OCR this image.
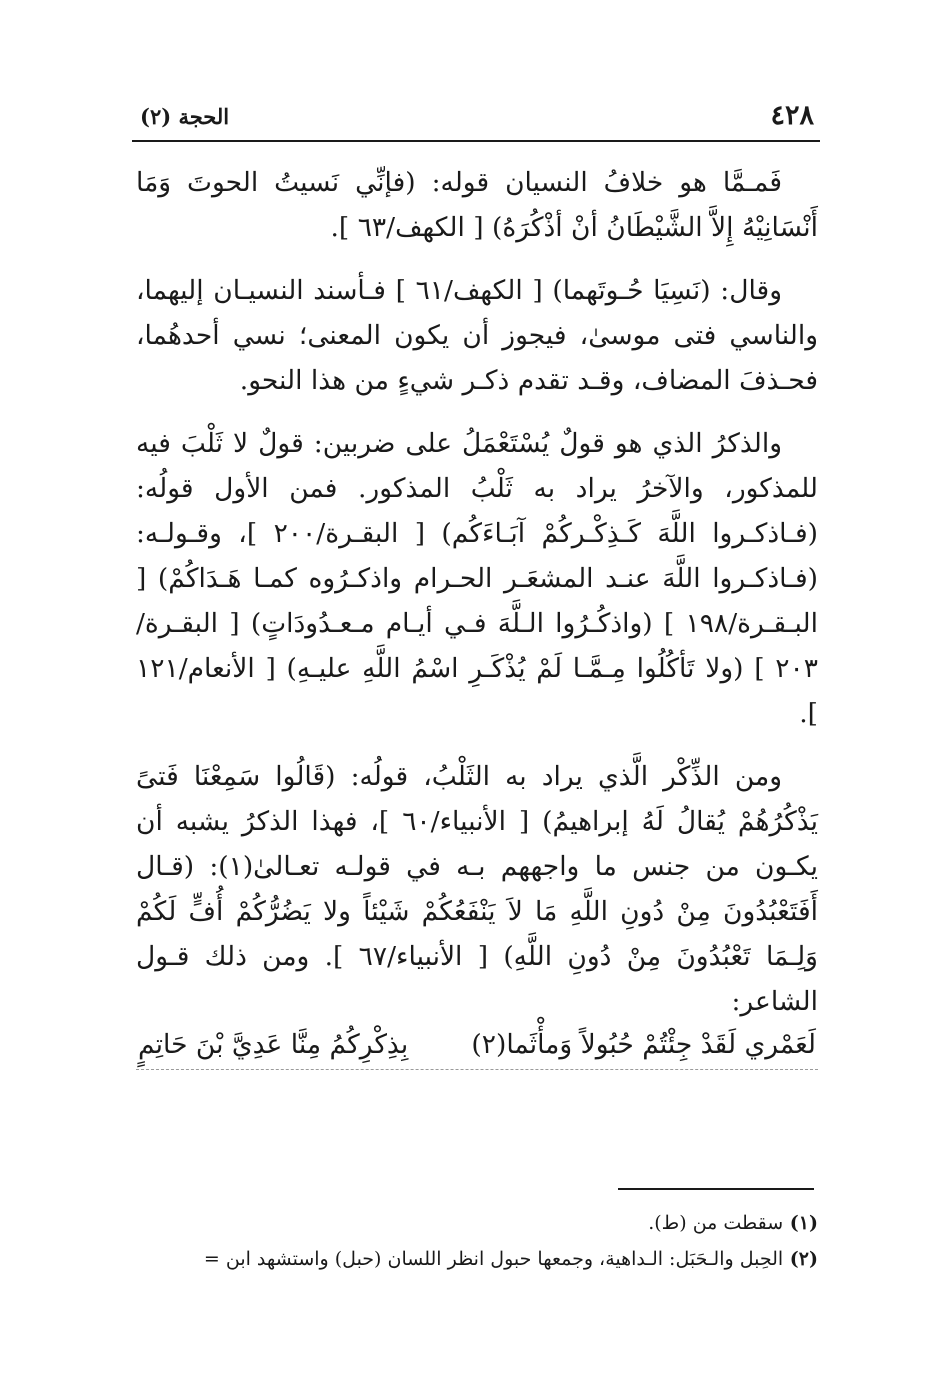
٤٢٨
الحجة (٢)

فَمـمَّا هو خلافُ النسيان قوله: (فإنِّي نَسيتُ الحوتَ وَمَا أَنْسَانِيْهُ إِلاَّ الشَّيْطَانُ أنْ أذْكُرَهُ) [ الكهف/٦٣ ].

وقال: (نَسِيَا حُـوتَهما) [ الكهف/٦١ ] فـأسند النسيـان إليهما، والناسي فتى موسىٰ، فيجوز أن يكون المعنى؛ نسي أحدهُما، فحـذفَ المضاف، وقـد تقدم ذكـر شيءٍ من هذا النحو.

والذكرُ الذي هو قولٌ يُسْتَعْمَلُ على ضربين: قولٌ لا ثَلْبَ فيه للمذكور، والآخرُ يراد به ثَلْبُ المذكور. فمن الأول قولُه: (فـاذكـروا اللَّهَ كَـذِكْـركُمْ آبَـاءَكُم) [ البقـرة/٢٠٠ ]، وقـولـه: (فـاذكـروا اللَّهَ عنـد المشعَـر الحـرام واذكـرُوه كمـا هَـدَاكُمْ) [ البـقـرة/١٩٨ ] (واذكُـرُوا الـلَّهَ فـي أيـام مـعـدُودَاتٍ) [ البقـرة/٢٠٣ ] (ولا تَأكُلُوا مِـمَّـا لَمْ يُذْكَـرِ اسْمُ اللَّهِ عليـهِ) [ الأنعام/١٢١ ].

ومن الذِّكْر الَّذي يراد به الثَلْبُ، قولُه: (قَالُوا سَمِعْنَا فَتىً يَذْكُرُهُمْ يُقالُ لَهُ إبراهيمُ) [ الأنبياء/٦٠ ]، فهذا الذكرُ يشبه أن يكـون من جنس ما واجههم بـه في قولـه تعـالىٰ(١): (قـال أَفَتَعْبُدُونَ مِنْ دُونِ اللَّهِ مَا لاَ يَنْفَعُكُمْ شَيْئاً ولا يَضُرُّكُمْ أُفٍّ لَكُمْ وَلِـمَا تَعْبُدُونَ مِنْ دُونِ اللَّهِ) [ الأنبياء/٦٧ ]. ومن ذلك قـول الشاعر:

لَعَمْري لَقَدْ جِئْتُمْ حُبُولاً وَمأْثَما(٢)
بِذِكْرِكُمُ مِنَّا عَدِيَّ بْنَ حَاتِمٍ

(١) سقطت من (ط).

(٢) الحِبل والـحَبَل: الـداهية، وجمعها حبول انظر اللسان (حبل) واستشهد ابن =
